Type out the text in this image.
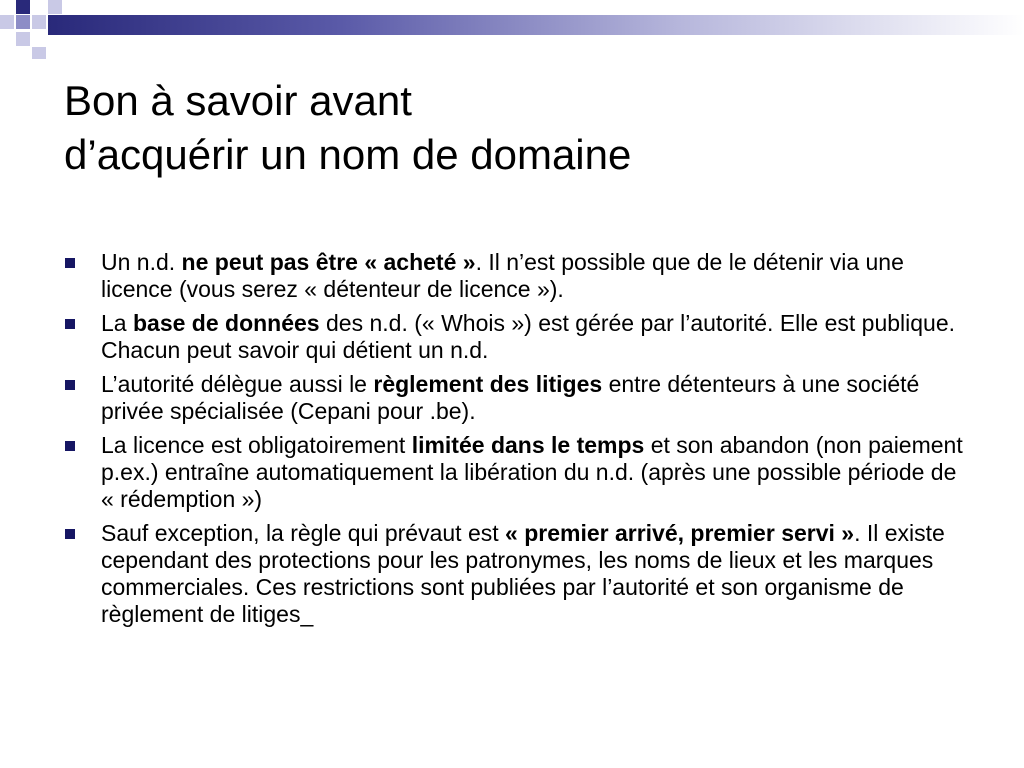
Bon à savoir avant
d’acquérir un nom de domaine
Un n.d. ne peut pas être « acheté ». Il n’est possible que de le détenir via une licence (vous serez « détenteur de licence »).
La base de données des n.d. (« Whois ») est gérée par l’autorité. Elle est publique. Chacun peut savoir qui détient un n.d.
L’autorité délègue aussi le règlement des litiges entre détenteurs à une société privée spécialisée (Cepani pour .be).
La licence est obligatoirement limitée dans le temps et son abandon (non paiement p.ex.) entraîne automatiquement la libération du n.d. (après une possible période de « rédemption »)
Sauf exception, la règle qui prévaut est « premier arrivé, premier servi ». Il existe cependant des protections pour les patronymes, les noms de lieux et les marques commerciales. Ces restrictions sont publiées par l’autorité et son organisme de règlement de litiges_
